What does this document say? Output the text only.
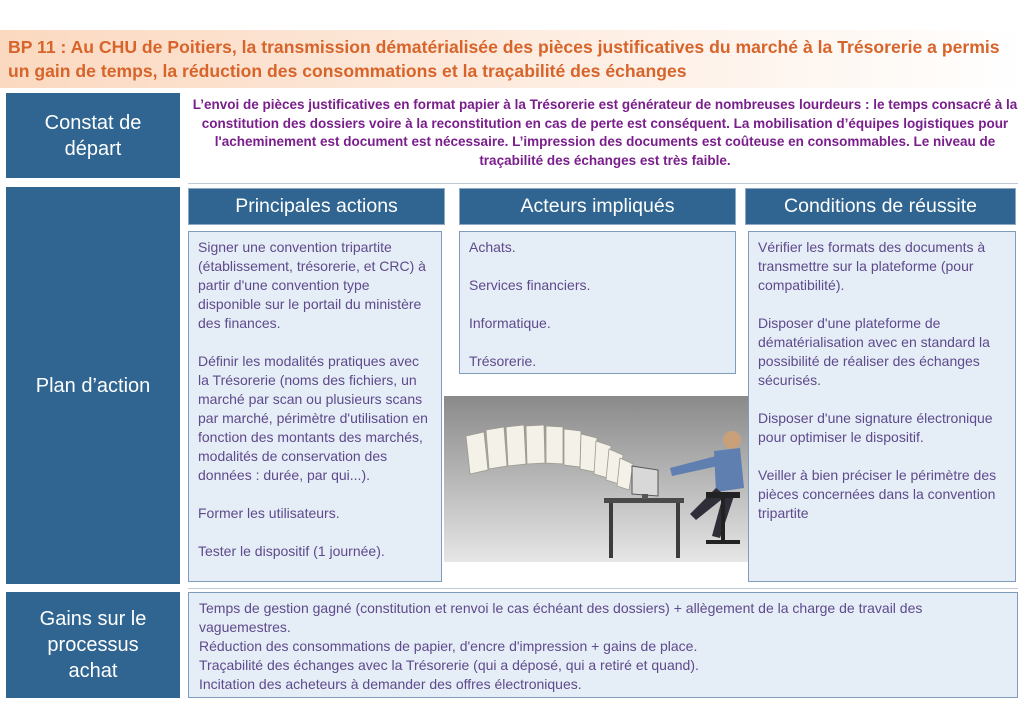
BP 11 : Au CHU de Poitiers, la transmission dématérialisée des pièces justificatives du marché à la Trésorerie a permis un gain de temps, la réduction des consommations et la traçabilité des échanges
Constat de
départ
L’envoi de pièces justificatives en format papier à la Trésorerie est générateur de nombreuses lourdeurs : le temps consacré à la constitution des dossiers voire à la reconstitution en cas de perte est conséquent. La mobilisation d’équipes logistiques pour l'acheminement est document est nécessaire. L’impression des documents est coûteuse en consommables. Le niveau de traçabilité des échanges est très faible.
Plan d’action
Principales actions	Acteurs impliqués	Conditions de réussite

Signer une convention tripartite (établissement, trésorerie, et CRC) à partir d'une convention type disponible sur le portail du ministère des finances.

Définir les modalités pratiques avec la Trésorerie (noms des fichiers, un marché par scan ou plusieurs scans par marché, périmètre d'utilisation en fonction des montants des marchés, modalités de conservation des données : durée, par qui...).

Former les utilisateurs.

Tester le dispositif (1 journée).

Achats.

Services financiers.

Informatique.

Trésorerie.

Vérifier les formats des documents à transmettre sur la plateforme (pour compatibilité).

Disposer d'une plateforme de dématérialisation avec en standard la possibilité de réaliser des échanges sécurisés.

Disposer d'une signature électronique pour optimiser le dispositif.

Veiller à bien préciser le périmètre des pièces concernées dans la convention tripartite

Gains sur le
processus
achat
Temps de gestion gagné (constitution et renvoi le cas échéant des dossiers) + allègement de la charge de travail des vaguemestres.
Réduction des consommations de papier, d'encre d'impression + gains de place.
Traçabilité des échanges avec la Trésorerie (qui a déposé, qui a retiré et quand).
Incitation des acheteurs à demander des offres électroniques.
